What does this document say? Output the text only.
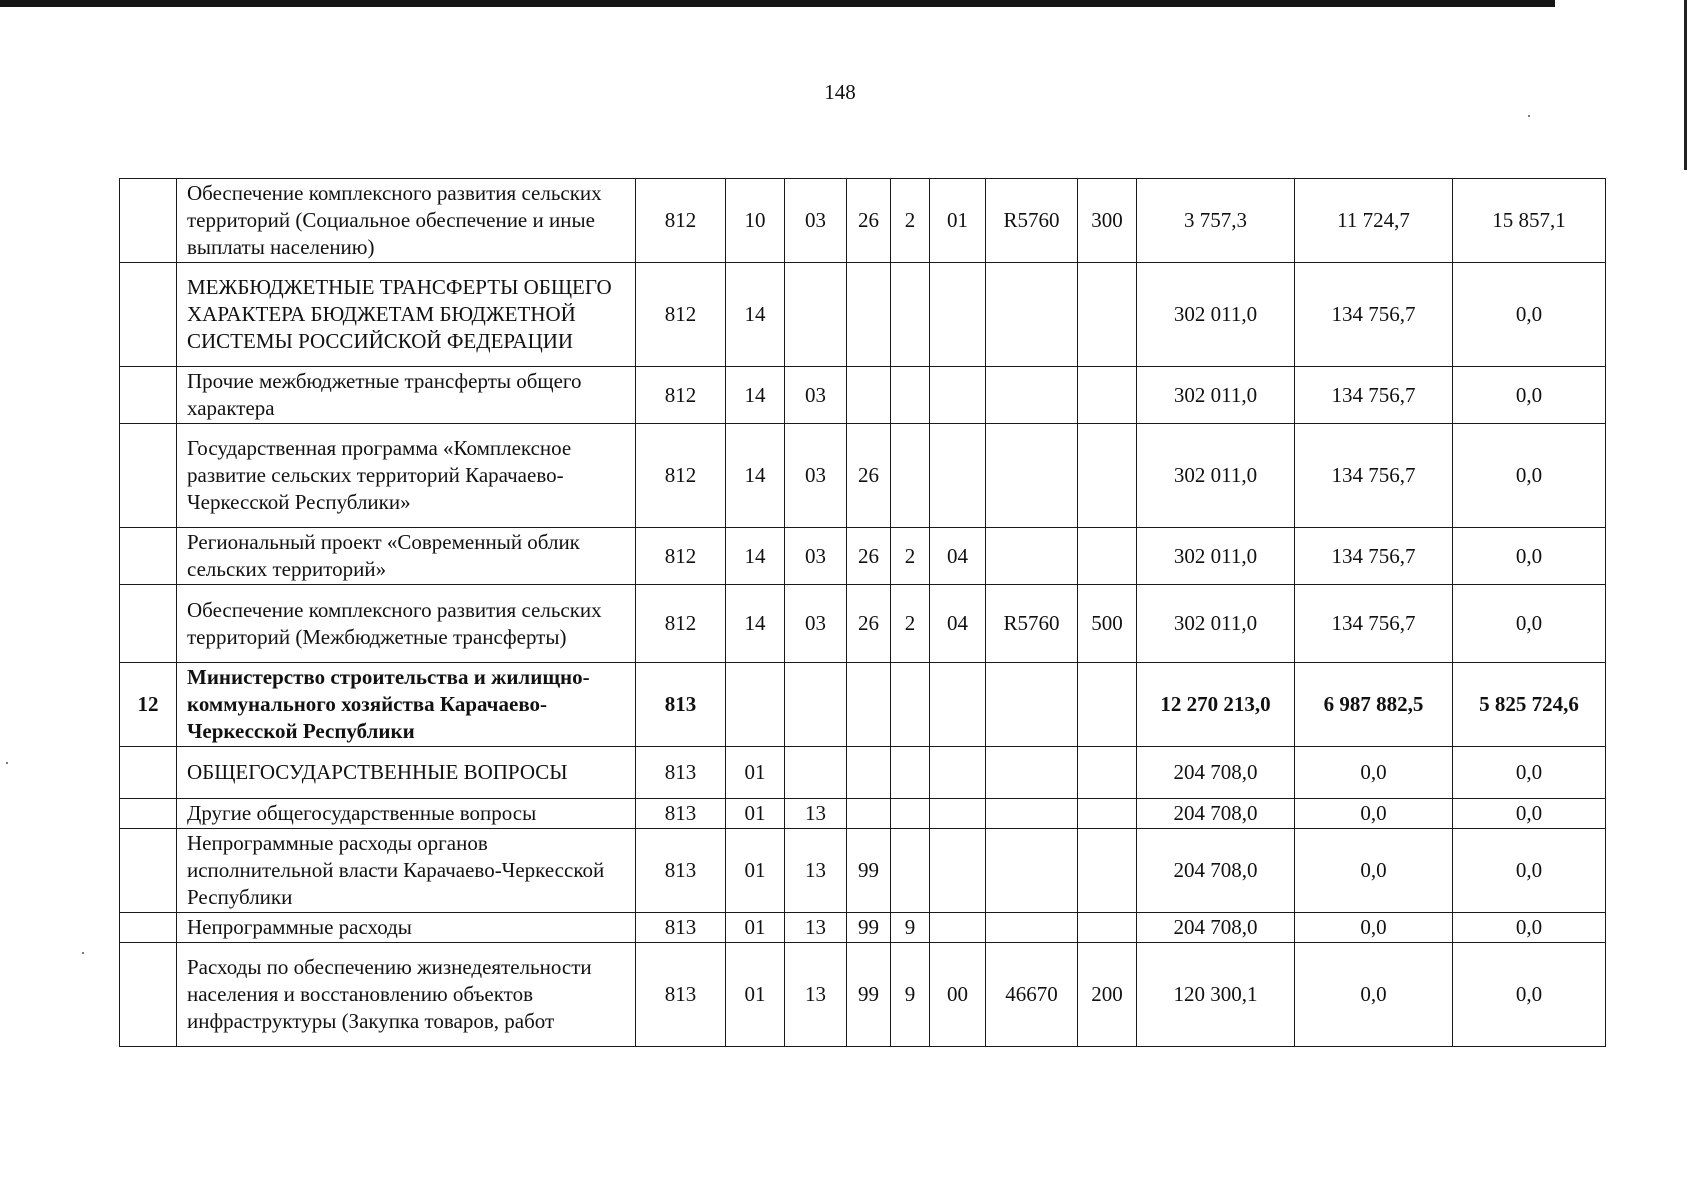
148
	Обеспечение комплексного развития сельских территорий (Социальное обеспечение и иные выплаты населению)	812	10	03	26	2	01	R5760	300	3 757,3	11 724,7	15 857,1
	МЕЖБЮДЖЕТНЫЕ ТРАНСФЕРТЫ ОБЩЕГО ХАРАКТЕРА БЮДЖЕТАМ БЮДЖЕТНОЙ СИСТЕМЫ РОССИЙСКОЙ ФЕДЕРАЦИИ	812	14							302 011,0	134 756,7	0,0
	Прочие межбюджетные трансферты общего характера	812	14	03						302 011,0	134 756,7	0,0
	Государственная программа «Комплексное развитие сельских территорий Карачаево-Черкесской Республики»	812	14	03	26					302 011,0	134 756,7	0,0
	Региональный проект «Современный облик сельских территорий»	812	14	03	26	2	04			302 011,0	134 756,7	0,0
	Обеспечение комплексного развития сельских территорий (Межбюджетные трансферты)	812	14	03	26	2	04	R5760	500	302 011,0	134 756,7	0,0
12	Министерство строительства и жилищно-коммунального хозяйства Карачаево-Черкесской Республики	813								12 270 213,0	6 987 882,5	5 825 724,6
	ОБЩЕГОСУДАРСТВЕННЫЕ ВОПРОСЫ	813	01							204 708,0	0,0	0,0
	Другие общегосударственные вопросы	813	01	13						204 708,0	0,0	0,0
	Непрограммные расходы органов исполнительной власти Карачаево-Черкесской Республики	813	01	13	99					204 708,0	0,0	0,0
	Непрограммные расходы	813	01	13	99	9				204 708,0	0,0	0,0
	Расходы по обеспечению жизнедеятельности населения и восстановлению объектов инфраструктуры (Закупка товаров, работ	813	01	13	99	9	00	46670	200	120 300,1	0,0	0,0
